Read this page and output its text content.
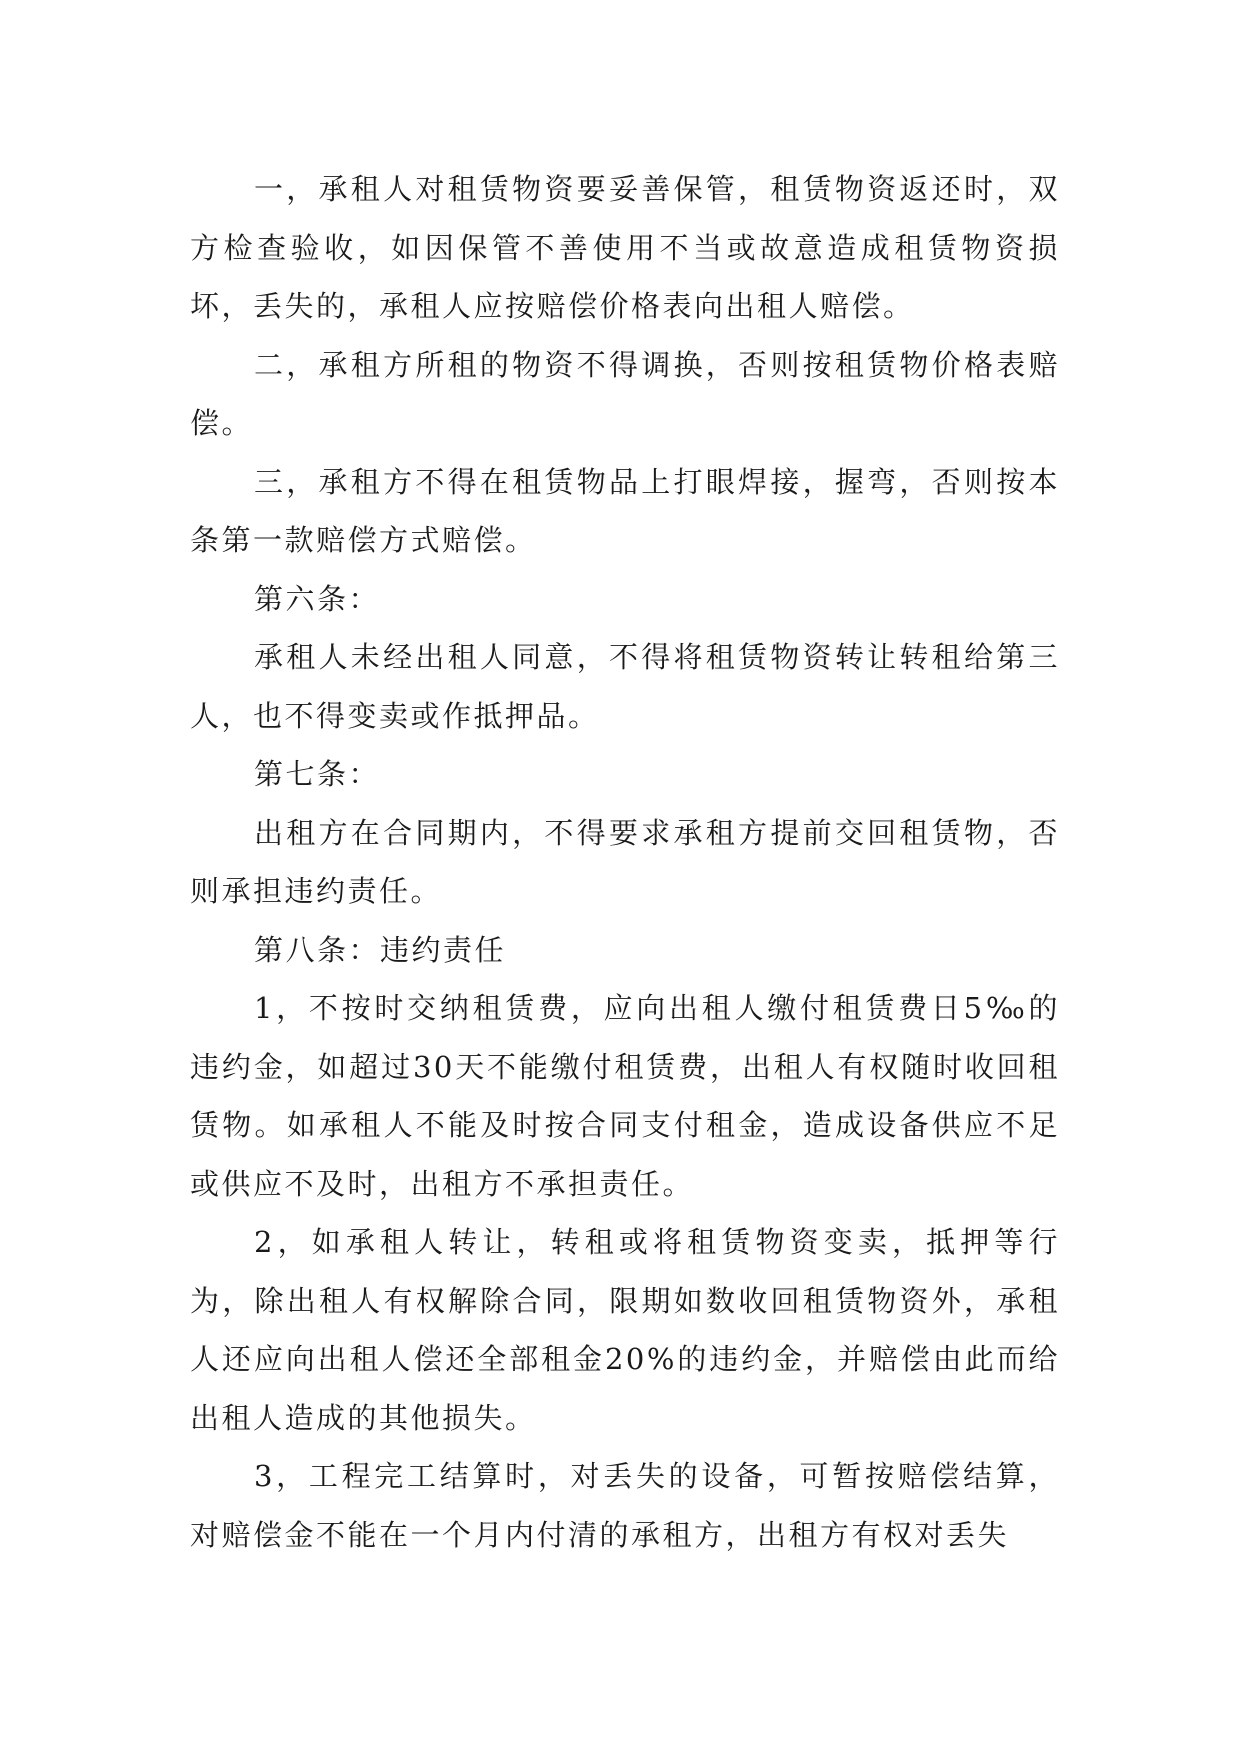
一，承租人对租赁物资要妥善保管，租赁物资返还时，双方检查验收，如因保管不善使用不当或故意造成租赁物资损坏，丢失的，承租人应按赔偿价格表向出租人赔偿。

二，承租方所租的物资不得调换，否则按租赁物价格表赔偿。

三，承租方不得在租赁物品上打眼焊接，握弯，否则按本条第一款赔偿方式赔偿。

第六条：

承租人未经出租人同意，不得将租赁物资转让转租给第三人，也不得变卖或作抵押品。

第七条：

出租方在合同期内，不得要求承租方提前交回租赁物，否则承担违约责任。

第八条：违约责任

1，不按时交纳租赁费，应向出租人缴付租赁费日5‰的违约金，如超过30天不能缴付租赁费，出租人有权随时收回租赁物。如承租人不能及时按合同支付租金，造成设备供应不足或供应不及时，出租方不承担责任。

2，如承租人转让，转租或将租赁物资变卖，抵押等行为，除出租人有权解除合同，限期如数收回租赁物资外，承租人还应向出租人偿还全部租金20%的违约金，并赔偿由此而给出租人造成的其他损失。

3，工程完工结算时，对丢失的设备，可暂按赔偿结算，对赔偿金不能在一个月内付清的承租方，出租方有权对丢失
